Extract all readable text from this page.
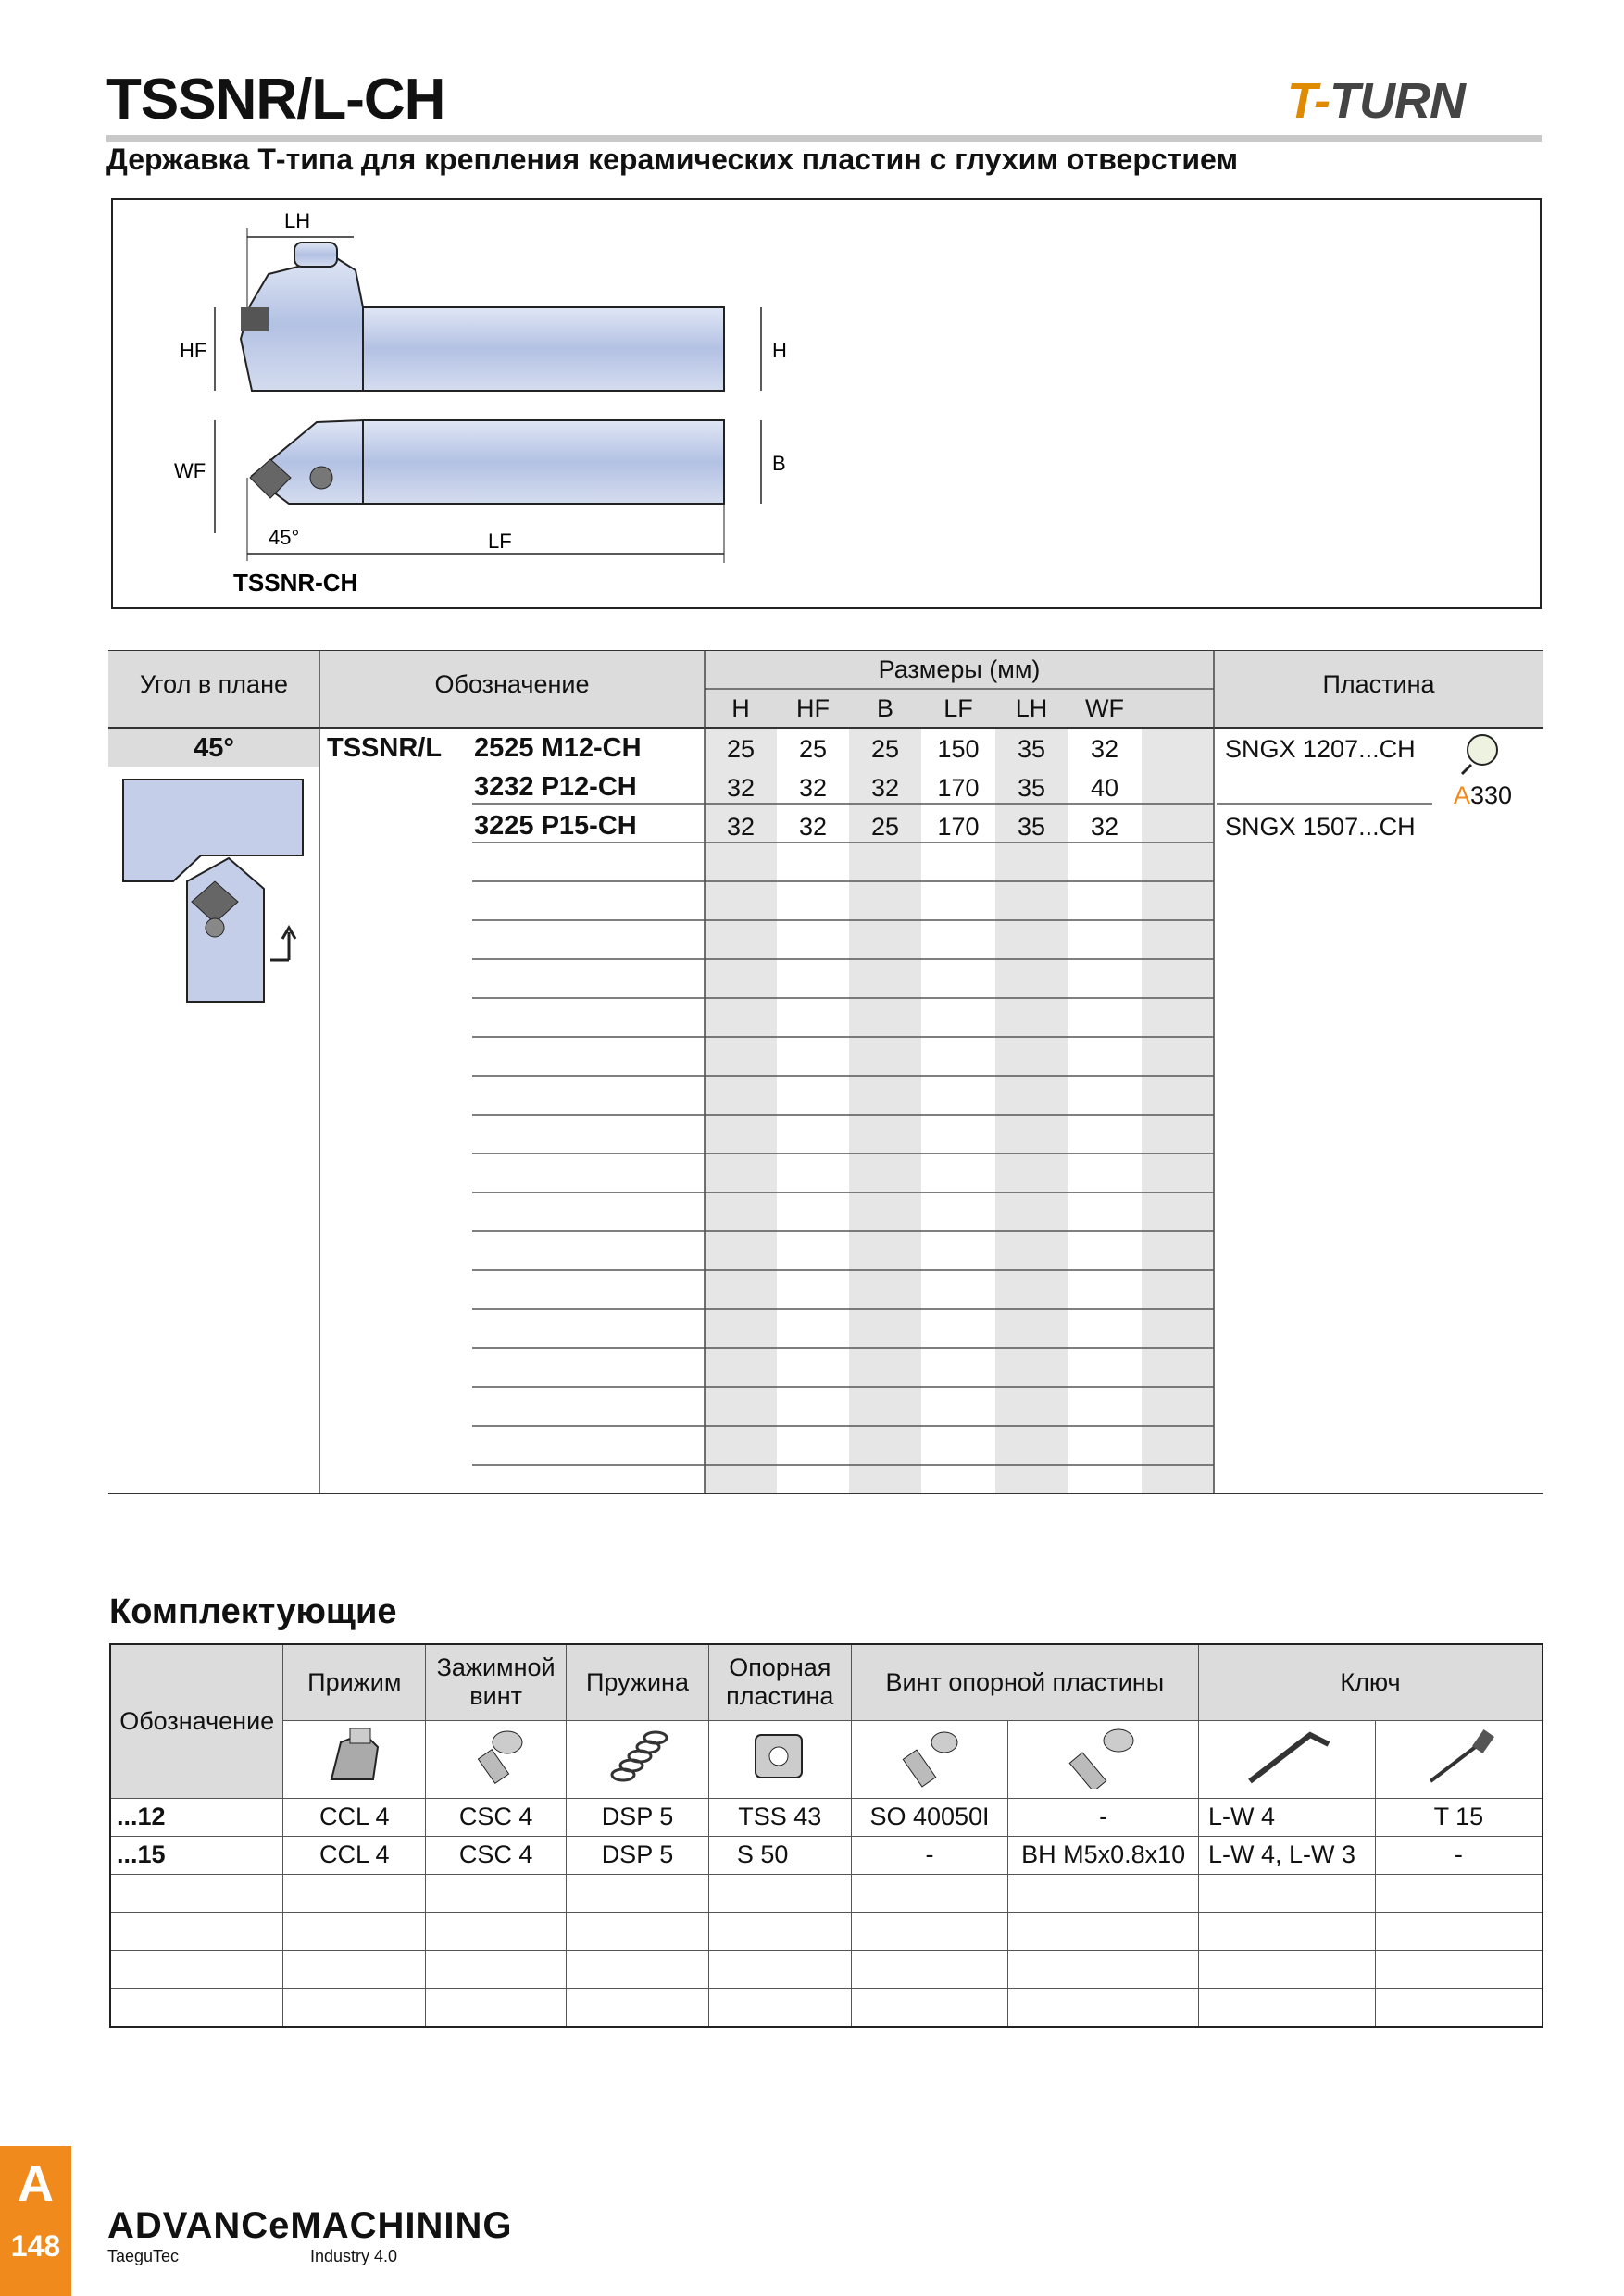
TSSNR/L-CH	T-TURN
Державка Т-типа для крепления керамических пластин с глухим отверстием
LH
HF	H
WF	B
45°	LF
TSSNR-CH
Угол в плане	Обозначение
Размеры (мм)
Пластина
H	HF	B	LF	LH	WF
45°	TSSNR/L 2525 M12-CH	25	25	25	150	35	32	SNGX 1207...CH
3232 P12-CH	32	32	32	170	35	40
3225 P15-CH	32	32	25	170	35	32	SNGX 1507...CH
A330
Комплектующие
Обозначение	Прижим	Зажимной винт	Пружина	Опорная пластина	Винт опорной пластины		Ключ	

...12	CCL 4	CSC 4	DSP 5	TSS 43	SO 40050I	-	L-W 4	T 15
...15	CCL 4	CSC 4	DSP 5	S 50	-	BH M5x0.8x10	L-W 4, L-W 3	-

A
148 ADVANCeMACHINING
TaeguTec	Industry 4.0
